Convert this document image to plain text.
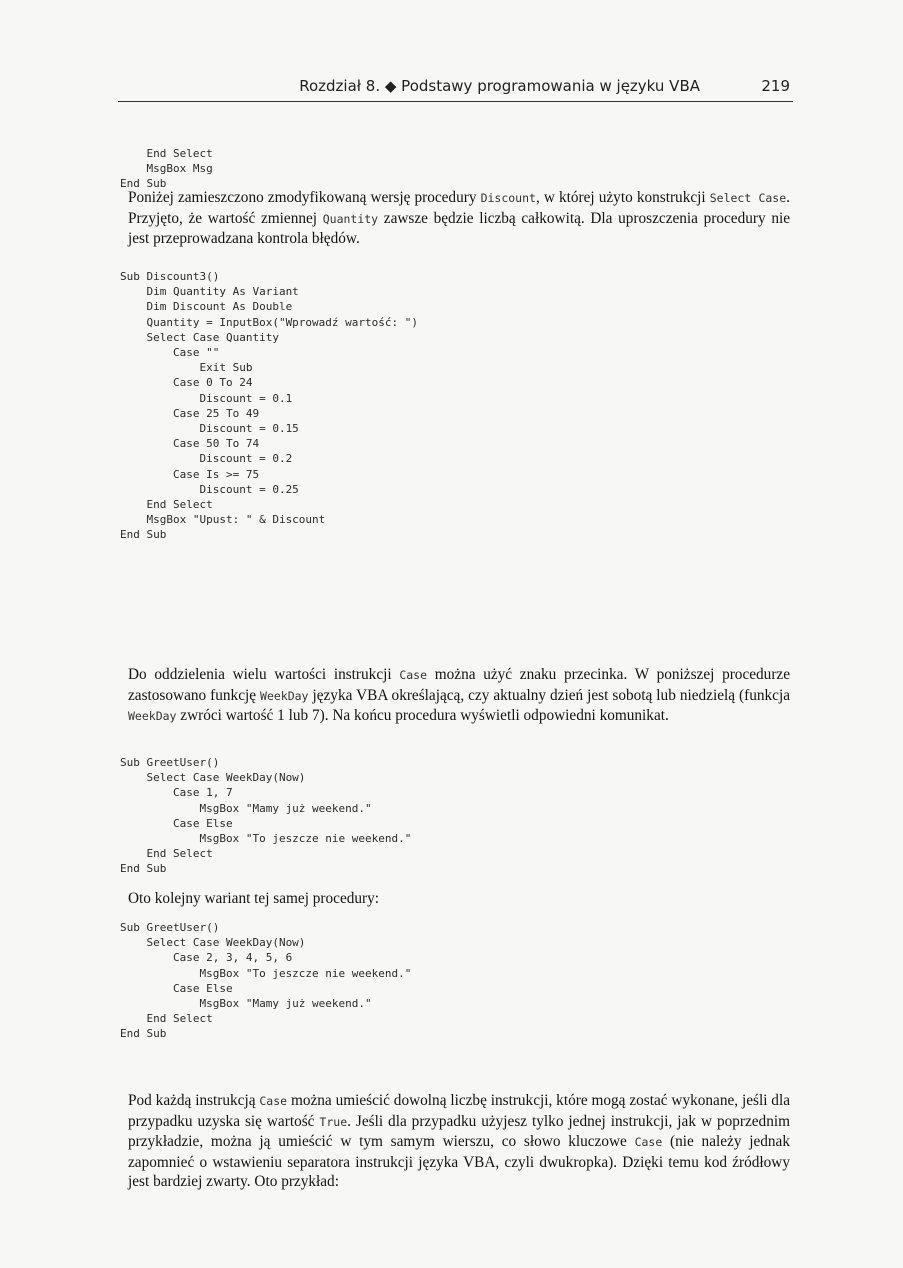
Rozdział 8. ◆ Podstawy programowania w języku VBA	219
End Select
MsgBox Msg
End Sub

Poniżej zamieszczono zmodyfikowaną wersję procedury Discount, w której użyto konstrukcji Select Case. Przyjęto, że wartość zmiennej Quantity zawsze będzie liczbą całkowitą. Dla uproszczenia procedury nie jest przeprowadzana kontrola błędów.

Sub Discount3()
Dim Quantity As Variant
Dim Discount As Double
Quantity = InputBox("Wprowadź wartość: ")
Select Case Quantity
Case ""
Exit Sub
Case 0 To 24
Discount = 0.1
Case 25 To 49
Discount = 0.15
Case 50 To 74
Discount = 0.2
Case Is >= 75
Discount = 0.25
End Select
MsgBox "Upust: " & Discount
End Sub

Do oddzielenia wielu wartości instrukcji Case można użyć znaku przecinka. W poniższej procedurze zastosowano funkcję WeekDay języka VBA określającą, czy aktualny dzień jest sobotą lub niedzielą (funkcja WeekDay zwróci wartość 1 lub 7). Na końcu procedura wyświetli odpowiedni komunikat.

Sub GreetUser()
Select Case WeekDay(Now)
Case 1, 7
MsgBox "Mamy już weekend."
Case Else
MsgBox "To jeszcze nie weekend."
End Select
End Sub

Oto kolejny wariant tej samej procedury:

Sub GreetUser()
Select Case WeekDay(Now)
Case 2, 3, 4, 5, 6
MsgBox "To jeszcze nie weekend."
Case Else
MsgBox "Mamy już weekend."
End Select
End Sub

Pod każdą instrukcją Case można umieścić dowolną liczbę instrukcji, które mogą zostać wykonane, jeśli dla przypadku uzyska się wartość True. Jeśli dla przypadku użyjesz tylko jednej instrukcji, jak w poprzednim przykładzie, można ją umieścić w tym samym wierszu, co słowo kluczowe Case (nie należy jednak zapomnieć o wstawieniu separatora instrukcji języka VBA, czyli dwukropka). Dzięki temu kod źródłowy jest bardziej zwarty. Oto przykład:
